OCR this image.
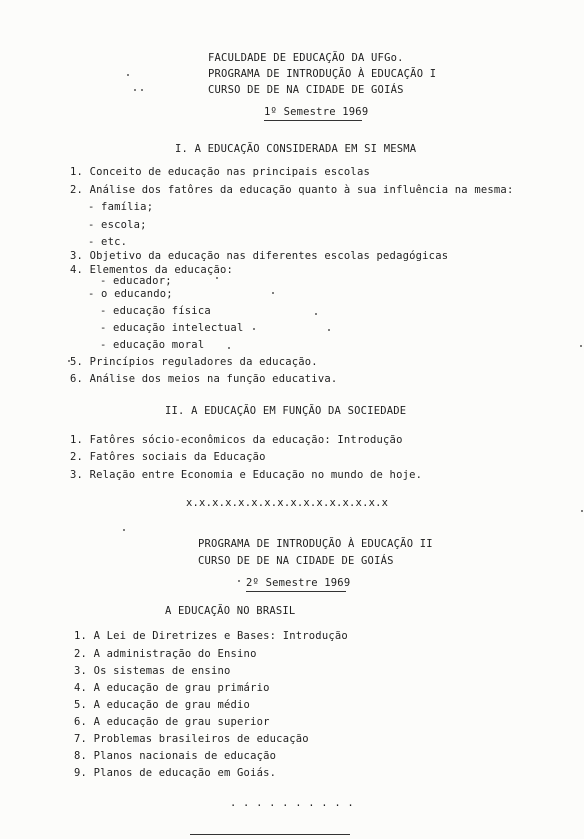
FACULDADE DE EDUCAÇÃO DA UFGo.
PROGRAMA DE INTRODUÇÃO À EDUCAÇÃO I
CURSO DE DE NA CIDADE DE GOIÁS
1º Semestre 1969
I. A EDUCAÇÃO CONSIDERADA EM SI MESMA
1. Conceito de educação nas principais escolas
2. Análise dos fatôres da educação quanto à sua influência na mesma:
- família;
- escola;
- etc.
3. Objetivo da educação nas diferentes escolas pedagógicas
4. Elementos da educação:
- educador;
- o educando;
- educação física
- educação intelectual
- educação moral
5. Princípios reguladores da educação.
6. Análise dos meios na função educativa.
II. A EDUCAÇÃO EM FUNÇÃO DA SOCIEDADE
1. Fatôres sócio-econômicos da educação: Introdução
2. Fatôres sociais da Educação
3. Relação entre Economia e Educação no mundo de hoje.
x.x.x.x.x.x.x.x.x.x.x.x.x.x.x.x
PROGRAMA DE INTRODUÇÃO À EDUCAÇÃO II
CURSO DE DE NA CIDADE DE GOIÁS
2º Semestre 1969
A EDUCAÇÃO NO BRASIL
1. A Lei de Diretrizes e Bases: Introdução
2. A administração do Ensino
3. Os sistemas de ensino
4. A educação de grau primário
5. A educação de grau médio
6. A educação de grau superior
7. Problemas brasileiros de educação
8. Planos nacionais de educação
9. Planos de educação em Goiás.
. . . . . . . . . .
